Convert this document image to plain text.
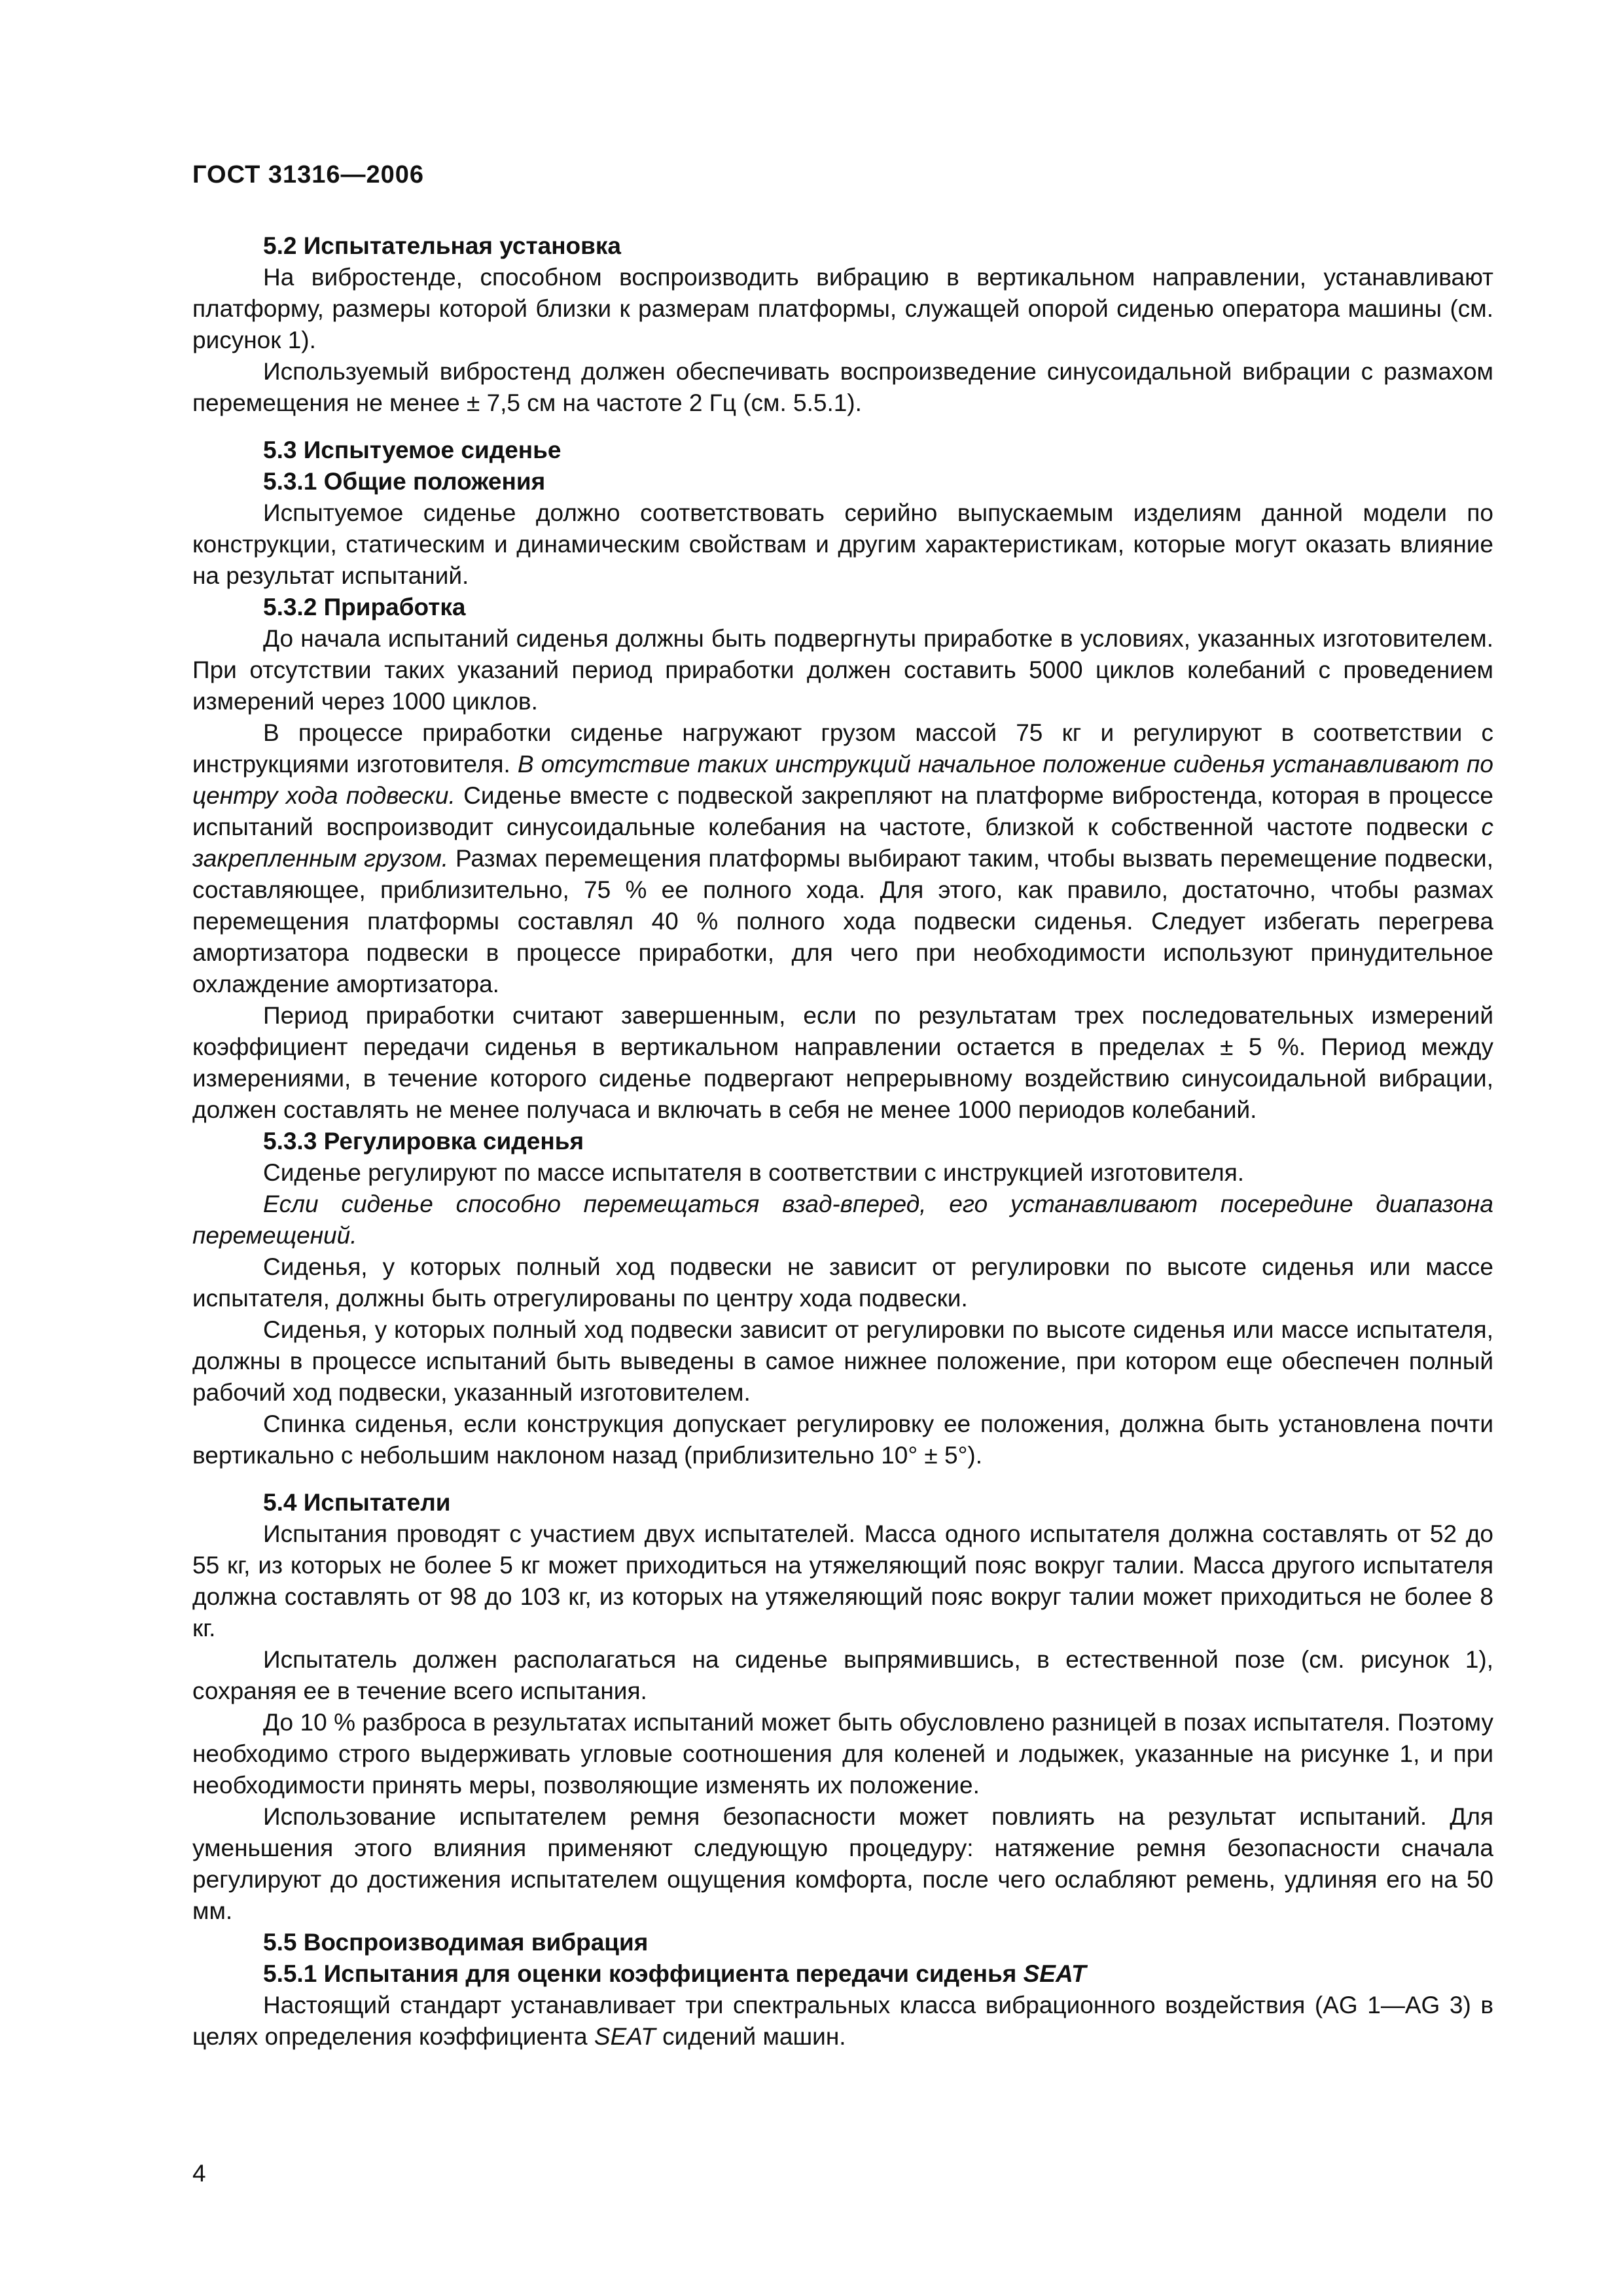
ГОСТ 31316—2006
5.2 Испытательная установка

На вибростенде, способном воспроизводить вибрацию в вертикальном направлении, устанавливают платформу, размеры которой близки к размерам платформы, служащей опорой сиденью оператора машины (см. рисунок 1).

Используемый вибростенд должен обеспечивать воспроизведение синусоидальной вибрации с размахом перемещения не менее ± 7,5 см на частоте 2 Гц (см. 5.5.1).

5.3 Испытуемое сиденье
5.3.1 Общие положения

Испытуемое сиденье должно соответствовать серийно выпускаемым изделиям данной модели по конструкции, статическим и динамическим свойствам и другим характеристикам, которые могут оказать влияние на результат испытаний.

5.3.2 Приработка

До начала испытаний сиденья должны быть подвергнуты приработке в условиях, указанных изготовителем. При отсутствии таких указаний период приработки должен составить 5000 циклов колебаний с проведением измерений через 1000 циклов.

В процессе приработки сиденье нагружают грузом массой 75 кг и регулируют в соответствии с инструкциями изготовителя. В отсутствие таких инструкций начальное положение сиденья устанавливают по центру хода подвески. Сиденье вместе с подвеской закрепляют на платформе вибростенда, которая в процессе испытаний воспроизводит синусоидальные колебания на частоте, близкой к собственной частоте подвески с закрепленным грузом. Размах перемещения платформы выбирают таким, чтобы вызвать перемещение подвески, составляющее, приблизительно, 75 % ее полного хода. Для этого, как правило, достаточно, чтобы размах перемещения платформы составлял 40 % полного хода подвески сиденья. Следует избегать перегрева амортизатора подвески в процессе приработки, для чего при необходимости используют принудительное охлаждение амортизатора.

Период приработки считают завершенным, если по результатам трех последовательных измерений коэффициент передачи сиденья в вертикальном направлении остается в пределах ± 5 %. Период между измерениями, в течение которого сиденье подвергают непрерывному воздействию синусоидальной вибрации, должен составлять не менее получаса и включать в себя не менее 1000 периодов колебаний.

5.3.3 Регулировка сиденья

Сиденье регулируют по массе испытателя в соответствии с инструкцией изготовителя.

Если сиденье способно перемещаться взад-вперед, его устанавливают посередине диапазона перемещений.

Сиденья, у которых полный ход подвески не зависит от регулировки по высоте сиденья или массе испытателя, должны быть отрегулированы по центру хода подвески.

Сиденья, у которых полный ход подвески зависит от регулировки по высоте сиденья или массе испытателя, должны в процессе испытаний быть выведены в самое нижнее положение, при котором еще обеспечен полный рабочий ход подвески, указанный изготовителем.

Спинка сиденья, если конструкция допускает регулировку ее положения, должна быть установлена почти вертикально с небольшим наклоном назад (приблизительно 10° ± 5°).

5.4 Испытатели

Испытания проводят с участием двух испытателей. Масса одного испытателя должна составлять от 52 до 55 кг, из которых не более 5 кг может приходиться на утяжеляющий пояс вокруг талии. Масса другого испытателя должна составлять от 98 до 103 кг, из которых на утяжеляющий пояс вокруг талии может приходиться не более 8 кг.

Испытатель должен располагаться на сиденье выпрямившись, в естественной позе (см. рисунок 1), сохраняя ее в течение всего испытания.

До 10 % разброса в результатах испытаний может быть обусловлено разницей в позах испытателя. Поэтому необходимо строго выдерживать угловые соотношения для коленей и лодыжек, указанные на рисунке 1, и при необходимости принять меры, позволяющие изменять их положение.

Использование испытателем ремня безопасности может повлиять на результат испытаний. Для уменьшения этого влияния применяют следующую процедуру: натяжение ремня безопасности сначала регулируют до достижения испытателем ощущения комфорта, после чего ослабляют ремень, удлиняя его на 50 мм.

5.5 Воспроизводимая вибрация
5.5.1 Испытания для оценки коэффициента передачи сиденья SEAT

Настоящий стандарт устанавливает три спектральных класса вибрационного воздействия (AG 1—AG 3) в целях определения коэффициента SEAT сидений машин.

4
